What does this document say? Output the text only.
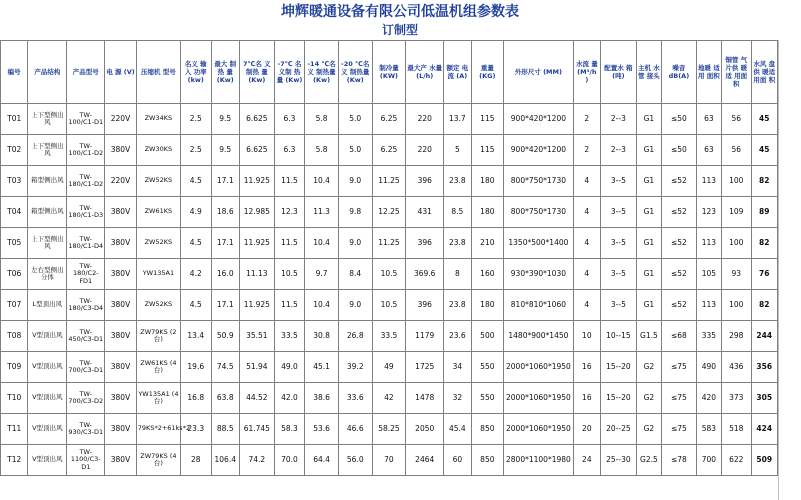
坤辉暖通设备有限公司低温机组参数表
订制型
编号	产品结构	产品型号	电 源 (V)	压缩机 型号	名义 输入 功率 (kw)	最大 制热 量 (Kw)	7℃名 义制热 量 (Kw)	-7℃ 名义制 热量 (Kw)	-14 ℃名义 制热量 (Kw)	-20 ℃名义 制热量 (Kw)	制冷量 (KW)	最大产 水量 (L/h)	额定 电流 (A)	重量 (KG)	外形尺寸 (MM)	水流 量 (M³/h )	配置水 箱 (吨)	主机 水管 接头	噪音 dB(A)	地暖 适用 面积	铜管 气片供 暖适 用面积	水风 盘供 暖适 用面 积
T01	上下型侧出风	TW-100/C1-D1	220V	ZW34KS	2.5	9.5	6.625	6.3	5.8	5.0	6.25	220	13.7	115	900*420*1200	2	2--3	G1	≤50	63	56	45
T02	上下型侧出风	TW-100/C1-D2	380V	ZW30KS	2.5	9.5	6.625	6.3	5.8	5.0	6.25	220	5	115	900*420*1200	2	2--3	G1	≤50	63	56	45
T03	箱型侧出风	TW-180/C1-D2	220V	ZW52KS	4.5	17.1	11.925	11.5	10.4	9.0	11.25	396	23.8	180	800*750*1730	4	3--5	G1	≤52	113	100	82
T04	箱型侧出风	TW-180/C1-D3	380V	ZW61KS	4.9	18.6	12.985	12.3	11.3	9.8	12.25	431	8.5	180	800*750*1730	4	3--5	G1	≤52	123	109	89
T05	上下型侧出风	TW-180/C1-D4	380V	ZW52KS	4.5	17.1	11.925	11.5	10.4	9.0	11.25	396	23.8	210	1350*500*1400	4	3--5	G1	≤52	113	100	82
T06	左右型侧出分体	TW-180/C2-FD1	380V	YW135A1	4.2	16.0	11.13	10.5	9.7	8.4	10.5	369.6	8	160	930*390*1030	4	3--5	G1	≤52	105	93	76
T07	L型顶出风	TW-180/C3-D4	380V	ZW52KS	4.5	17.1	11.925	11.5	10.4	9.0	10.5	396	23.8	180	810*810*1060	4	3--5	G1	≤52	113	100	82
T08	V型顶出风	TW-450/C3-D1	380V	ZW79KS (2台)	13.4	50.9	35.51	33.5	30.8	26.8	33.5	1179	23.6	500	1480*900*1450	10	10--15	G1.5	≤68	335	298	244
T09	V型顶出风	TW-700/C3-D1	380V	ZW61KS (4台)	19.6	74.5	51.94	49.0	45.1	39.2	49	1725	34	550	2000*1060*1950	16	15--20	G2	≤75	490	436	356
T10	V型顶出风	TW-700/C3-D2	380V	YW135A1 (4台)	16.8	63.8	44.52	42.0	38.6	33.6	42	1478	32	550	2000*1060*1950	16	15--20	G2	≤75	420	373	305
T11	V型顶出风	TW-930/C3-D1	380V	79KS*2+61ks*2	23.3	88.5	61.745	58.3	53.6	46.6	58.25	2050	45.4	850	2000*1060*1950	20	20--25	G2	≤75	583	518	424
T12	V型顶出风	TW-1100/C3-D1	380V	ZW79KS (4台)	28	106.4	74.2	70.0	64.4	56.0	70	2464	60	850	2800*1100*1980	24	25--30	G2.5	≤78	700	622	509
